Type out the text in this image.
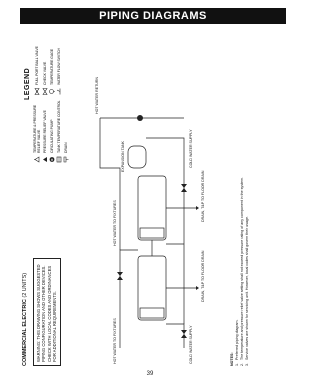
PIPING DIAGRAMS
COMMERCIAL ELECTRIC (2 UNITS) WARNING: THIS DRAWING SHOWS SUGGESTED PIPING CONFIGURATION AND OTHER DEVICES. CHECK WITH LOCAL CODES AND ORDINANCES FOR ADDITIONAL REQUIREMENTS.
LEGEND
TEMPERATURE & PRESSURE RELIEF VALVE
FULL PORT BALL VALVE
PRESSURE RELIEF VALVE
CHECK VALVE
CIRCULATING PUMP
TEMPERATURE GAGE
TANK TEMPERATURE CONTROL
WATER FLOW SWITCH
DRAIN
HOT WATER TO FIXTURES	COLD WATER SUPPLY
EXPANSION TANK
HOT WATER RETURN
DRAIN, T&P TO FLOOR DRAIN
DRAIN, T&P TO FLOOR DRAIN
COLD WATER SUPPLY
HOT WATER TO FIXTURES
NOTES: 1.Preferred piping diagram.
2.The temperature and pressure relief valve setting shall not exceed pressure rating of any component in the system.
3.Service valves are shown for servicing unit. However, local codes shall govern their usage.
39
